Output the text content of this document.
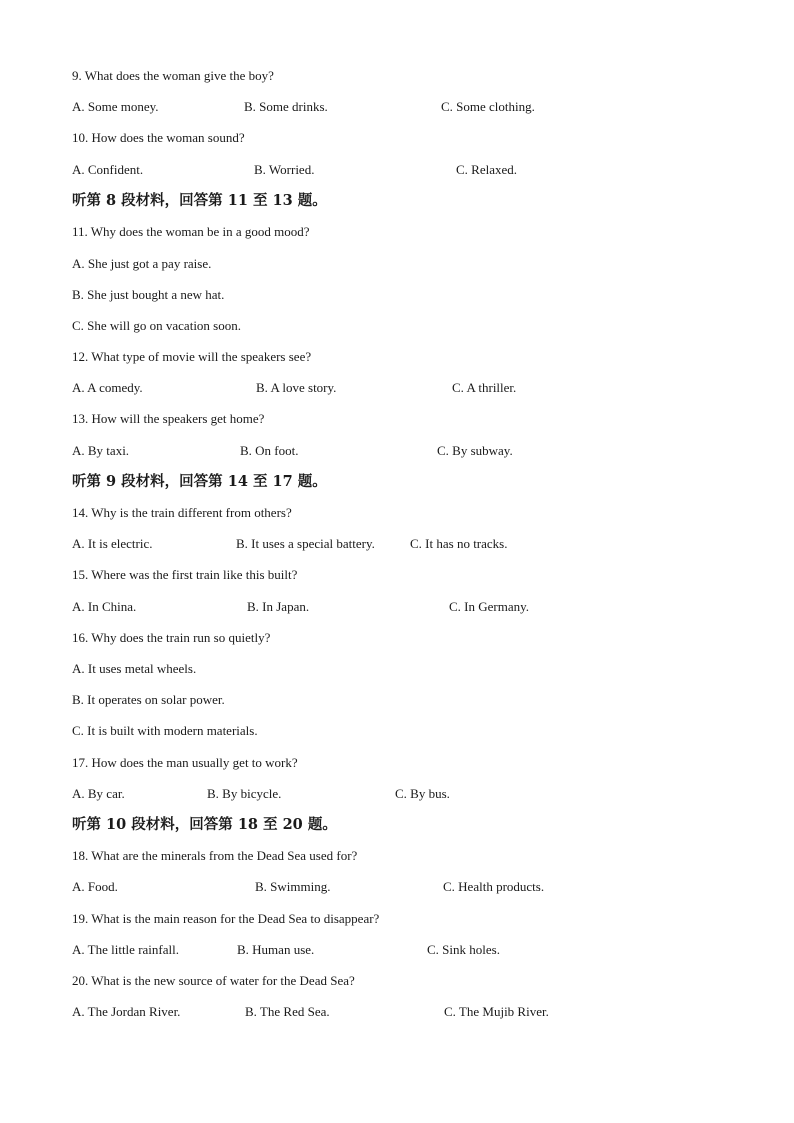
9. What does the woman give the boy?
A. Some money.	B. Some drinks.	C. Some clothing.
10. How does the woman sound?
A. Confident.	B. Worried.	C. Relaxed.
听第 8 段材料，回答第 11 至 13 题。
11. Why does the woman be in a good mood?
A. She just got a pay raise.
B. She just bought a new hat.
C. She will go on vacation soon.
12. What type of movie will the speakers see?
A. A comedy.	B. A love story.	C. A thriller.
13. How will the speakers get home?
A. By taxi.	B. On foot.	C. By subway.
听第 9 段材料，回答第 14 至 17 题。
14. Why is the train different from others?
A. It is electric.	B. It uses a special battery.	C. It has no tracks.
15. Where was the first train like this built?
A. In China.	B. In Japan.	C. In Germany.
16. Why does the train run so quietly?
A. It uses metal wheels.
B. It operates on solar power.
C. It is built with modern materials.
17. How does the man usually get to work?
A. By car.	B. By bicycle.	C. By bus.
听第 10 段材料，回答第 18 至 20 题。
18. What are the minerals from the Dead Sea used for?
A. Food.	B. Swimming.	C. Health products.
19. What is the main reason for the Dead Sea to disappear?
A. The little rainfall.	B. Human use.	C. Sink holes.
20. What is the new source of water for the Dead Sea?
A. The Jordan River.	B. The Red Sea.	C. The Mujib River.
